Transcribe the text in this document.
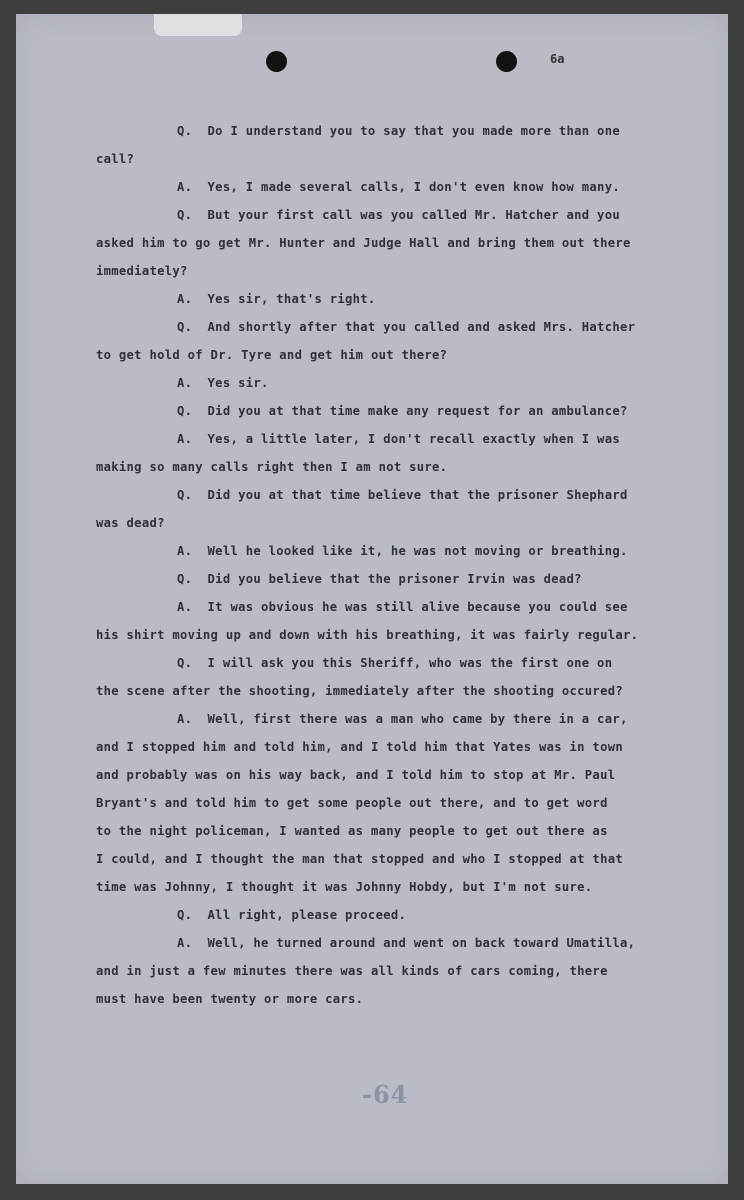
6a
Q.  Do I understand you to say that you made more than one
call?
A.  Yes, I made several calls, I don't even know how many.
Q.  But your first call was you called Mr. Hatcher and you
asked him to go get Mr. Hunter and Judge Hall and bring them out there
immediately?
A.  Yes sir, that's right.
Q.  And shortly after that you called and asked Mrs. Hatcher
to get hold of Dr. Tyre and get him out there?
A.  Yes sir.
Q.  Did you at that time make any request for an ambulance?
A.  Yes, a little later, I don't recall exactly when I was
making so many calls right then I am not sure.
Q.  Did you at that time believe that the prisoner Shephard
was dead?
A.  Well he looked like it, he was not moving or breathing.
Q.  Did you believe that the prisoner Irvin was dead?
A.  It was obvious he was still alive because you could see
his shirt moving up and down with his breathing, it was fairly regular.
Q.  I will ask you this Sheriff, who was the first one on
the scene after the shooting, immediately after the shooting occured?
A.  Well, first there was a man who came by there in a car,
and I stopped him and told him, and I told him that Yates was in town
and probably was on his way back, and I told him to stop at Mr. Paul
Bryant's and told him to get some people out there, and to get word
to the night policeman, I wanted as many people to get out there as
I could, and I thought the man that stopped and who I stopped at that
time was Johnny, I thought it was Johnny Hobdy, but I'm not sure.
Q.  All right, please proceed.
A.  Well, he turned around and went on back toward Umatilla,
and in just a few minutes there was all kinds of cars coming, there
must have been twenty or more cars.
-64
